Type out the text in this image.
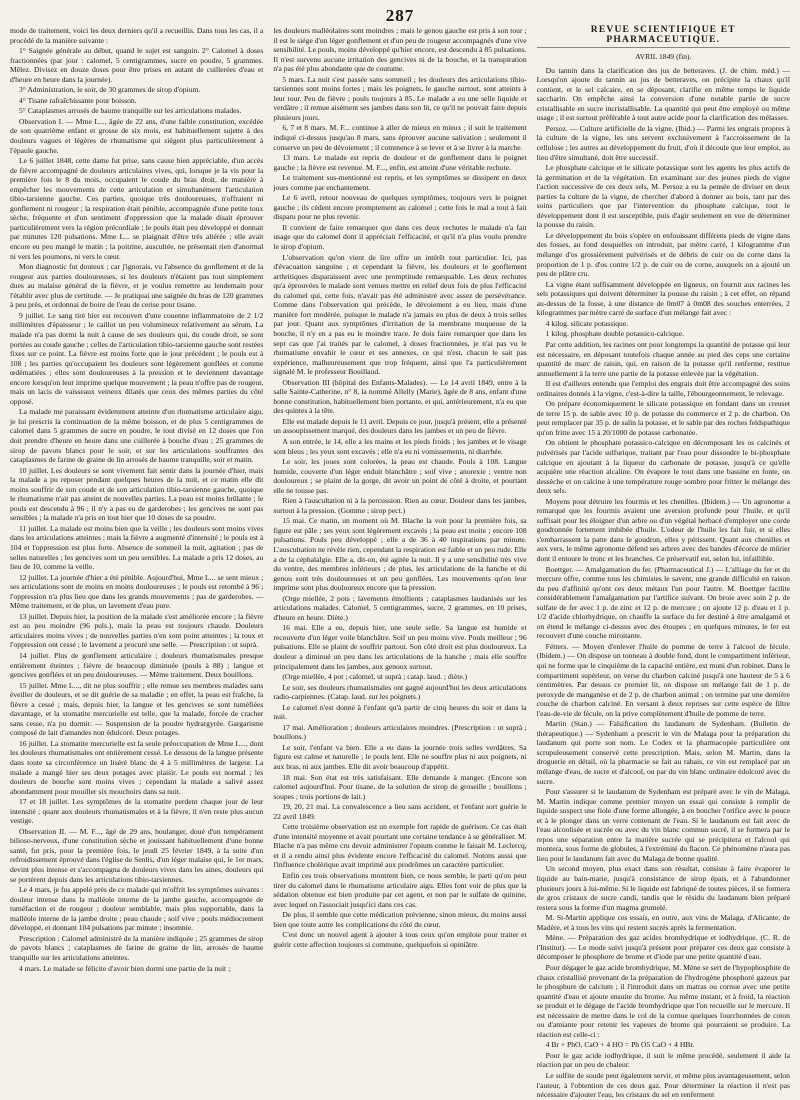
287

mode de traitement, voici les deux derniers qu'il a recueillis. Dans tous les cas, il a procédé de la manière suivante :

1° Saignée générale au début, quand le sujet est sanguin. 2° Calomel à doses fractionnées (par jour : calomel, 5 centigrammes, sucre en poudre, 5 grammes. Mêlez. Divisez en douze doses pour être prises en autant de cuillerées d'eau et d'heure en heure dans la journée).

3° Administration, le soir, de 30 grammes de sirop d'opium.

4° Tisane rafraîchissante pour boisson.

5° Cataplasmes arrosés de baume tranquille sur les articulations malades.

Observation I. — Mme L..., âgée de 22 ans, d'une faible constitution, excédée de son quatrième enfant et grosse de six mois, est habituellement sujette à des douleurs vagues et légères de rhumatisme qui siégent plus particulièrement à l'épaule gauche.

Le 6 juillet 1848, cette dame fut prise, sans cause bien appréciable, d'un accès de fièvre accompagné de douleurs articulaires vives, qui, lorsque je la vis pour la première fois le 8 du mois, occupaient le coude du bras droit, de manière à empêcher les mouvements de cette articulation et simultanément l'articulation tibio-tarsienne gauche. Ces parties, quoique très douloureuses, n'offraient ni gonflement ni rougeur ; la respiration était pénible, accompagnée d'une petite toux sèche, fréquente et d'un sentiment d'oppression que la malade disait éprouver particulièrement vers la région précordiale ; le pouls était peu développé et donnait par minutes 120 pulsations. Mme L... se plaignait d'être très altérée ; elle avait encore eu peu mangé le matin ; la poitrine, auscultée, ne présentait rien d'anormal ni vers les poumons, ni vers le cœur.

Mon diagnostic fut douteux ; car j'ignorais, vu l'absence du gonflement et de la rougeur aux parties douloureuses, si les douleurs n'étaient pas tout simplement dues au malaise général de la fièvre, et je voulus remettre au lendemain pour l'établir avec plus de certitude. — Je pratiquai une saignée du bras de 120 grammes à peu près, et ordonnai de boire de l'eau de cerise pour tisane.

9 juillet. Le sang tiré hier est recouvert d'une couenne inflammatoire de 2 1/2 millimètres d'épaisseur ; le caillot un peu volumineux relativement au sérum. La malade n'a pas dormi la nuit à cause de ses douleurs qui, du coude droit, se sont portées au coude gauche ; celles de l'articulation tibio-tarsienne gauche sont restées fixes sur ce point. La fièvre est moins forte que le jour précédent ; le pouls est à 108 ; les parties qu'occupaient les douleurs sont légèrement gonflées et comme œdématiées ; elles sont douloureuses à la pression et le deviennent davantage encore lorsqu'on leur imprime quelque mouvement ; la peau n'offre pas de rougeur, mais un lacis de vaisseaux veineux dilatés que ceux des mêmes parties du côté opposé.

La malade me paraissant évidemment atteinte d'un rhumatisme articulaire aigu, je lui prescris la continuation de la même boisson, et de plus 5 centigrammes de calomel dans 5 grammes de sucre en poudre, le tout divisé en 12 doses que l'on doit prendre d'heure en heure dans une cuillerée à bouche d'eau ; 25 grammes de sirop de pavots blancs pour le soir, et sur les articulations souffrantes des cataplasmes de farine de graine de lin arrosés de baume tranquille, soir et matin.

10 juillet. Les douleurs se sont vivement fait sentir dans la journée d'hier, mais la malade a pu reposer pendant quelques heures de la nuit, et ce matin elle dit moins souffrir de son coude et de son articulation tibio-tarsienne gauche, quoique le rhumatisme n'ait pas atteint de nouvelles parties. La peau est moins brûlante ; le pouls est descendu à 96 ; il n'y a pas eu de garderobes ; les gencives ne sont pas sensibles ; la malade n'a pris en tout hier que 10 doses de sa poudre.

11 juillet. La malade est moins bien que la veille ; les douleurs sont moins vives dans les articulations atteintes ; mais la fièvre a augmenté d'intensité ; le pouls est à 104 et l'oppression est plus forte. Absence de sommeil la nuit, agitation ; pas de selles naturelles ; les gencives sont un peu sensibles. La malade a pris 12 doses, au lieu de 10, comme la veille.

12 juillet. La journée d'hier a été pénible. Aujourd'hui, Mme L... se sent mieux ; ses articulations sont de moins en moins douloureuses ; le pouls est retombé à 96 ; l'oppression n'a plus lieu que dans les grands mouvements ; pas de garderobes. — Même traitement, et de plus, un lavement d'eau pure.

13 juillet. Depuis hier, la position de la malade s'est améliorée encore ; la fièvre est au peu moindre (96 puls.), mais la peau est toujours chaude. Douleurs articulaires moins vives ; de nouvelles parties n'en sont point atteintes ; la toux et l'oppression ont cessé ; le lavement a procuré une selle. — Prescription : ut suprà.

14 juillet. Plus de gonflement articulaire ; douleurs rhumatismales presque entièrement éteintes ; fièvre de beaucoup diminuée (pouls à 88) ; langue et gencives gonflées et un peu douloureuses. — Même traitement. Deux bouillons.

15 juillet. Mme L..., dit ne plus souffrir ; elle remue ses membres malades sans éveiller de douleurs, et se dit guérie de sa maladie ; en effet, la peau est fraîche, la fièvre a cessé ; mais, depuis hier, la langue et les gencives se sont tuméfiées davantage, et la stomatite mercurielle est telle, que la malade, forcée de cracher sans cesse, n'a pu dormir. — Suspension de la poudre hydrargyrée. Gargarisme composé de lait d'amandes non édulcoré. Deux potages.

16 juillet. La stomatite mercurielle est la seule préoccupation de Mme L..., dont les douleurs rhumatismales ont entièrement cessé. Le dessous de la langue présente dans toute sa circonférence un liséré blanc de 4 à 5 millimètres de largeur. La malade a mangé hier ses deux potages avec plaisir. Le pouls est normal ; les douleurs de bouche sont moins vives ; cependant la malade a salivé assez abondamment pour mouiller six mouchoirs dans sa nuit.

17 et 18 juillet. Les symptômes de la stomatite perdent chaque jour de leur intensité ; quant aux douleurs rhumatismales et à la fièvre, il n'en reste plus aucun vestige.

Observation II. — M. F..., âgé de 29 ans, boulanger, doué d'un tempérament bilioso-nerveux, d'une constitution sèche et jouissant habituellement d'une bonne santé, fut pris, pour la première fois, le jeudi 25 février 1849, à la suite d'un refroidissement éprouvé dans l'église de Senlis, d'un léger malaise qui, le 1er mars, devint plus intense et s'accompagna de douleurs vives dans les aines, douleurs qui se portèrent depuis dans les articulations tibio-tarsiennes.

Le 4 mars, je fus appelé près de ce malade qui m'offrit les symptômes suivants : douleur intense dans la malléole interne de la jambe gauche, accompagnée de tuméfaction et de rougeur ; douleur semblable, mais plus supportable, dans la malléole interne de la jambe droite ; peau chaude ; soif vive ; pouls médiocrement développé, et donnant 104 pulsations par minute ; insomnie.

Prescription : Calomel administré de la manière indiquée ; 25 grammes de sirop de pavots blancs ; cataplasmes de farine de graine de lin, arrosés de baume tranquille sur les articulations atteintes.

4 mars. Le malade se félicite d'avoir bien dormi une partie de la nuit ;

les douleurs malléolaires sont moindres ; mais le genou gauche est pris à son tour ; il est le siége d'un léger gonflement et d'un peu de rougeur accompagnés d'une vive sensibilité. Le pouls, moins développé qu'hier encore, est descendu à 85 pulsations. Il n'est survenu aucune irritation des gencives ni de la bouche, et la transpiration n'a pas été plus abondante que de coutume.

5 mars. La nuit s'est passée sans sommeil ; les douleurs des articulations tibio-tarsiennes sont moins fortes ; mais les poignets, le gauche surtout, sont atteints à leur tour. Peu de fièvre ; pouls toujours à 85. Le malade a eu une selle liquide et verdâtre ; il remue aisément ses jambes dans son lit, ce qu'il ne pouvait faire depuis plusieurs jours.

6, 7 et 8 mars. M. F... continue à aller de mieux en mieux ; il suit le traitement indiqué ci-dessus jusqu'au 8 mars, sans éprouver aucune salivation ; seulement il conserve un peu de dévoiement ; il commence à se lever et à se livrer à la marche.

13 mars. Le malade est repris de douleur et de gonflement dans le poignet gauche ; la fièvre est revenue. M. F..., enfin, est atteint d'une véritable rechute.

Le traitement sus-mentionné est repris, et les symptômes se dissipent en deux jours comme par enchantement.

Le 6 avril, retour nouveau de quelques symptômes, toujours vers le poignet gauche ; ils cèdent encore promptement au calomel ; cette fois le mal a tout à fait disparu pour ne plus revenir.

Il convient de faire remarquer que dans ces deux rechutes le malade n'a fait usage que du calomel dont il appréciait l'efficacité, et qu'il n'a plus voulu prendre le sirop d'opium.

L'observation qu'on vient de lire offre un intérêt tout particulier. Ici, pas d'évacuation sanguine ; et cependant la fièvre, les douleurs et le gonflement arthritiques disparaissent avec une promptitude remarquable. Les deux rechutes qu'a éprouvées le malade sont venues mettre en relief deux fois de plus l'efficacité du calomel qui, cette fois, n'avait pas été administré avec assez de persévérance. Comme dans l'observation qui précède, le dévoiement a eu lieu, mais d'une manière fort modérée, puisque le malade n'a jamais eu plus de deux à trois selles par jour. Quant aux symptômes d'irritation de la membrane muqueuse de la bouche, il n'y en a pas eu le moindre trace. Je dois faire remarquer que dans les sept cas que j'ai traités par le calomel, à doses fractionnées, je n'ai pas vu le rhumatisme envahir le cœur et ses annexes, ce qui n'est, chacun le sait pas expérience, malheureusement que trop fréquent, ainsi que l'a particulièrement signalé M. le professeur Bouillaud.

Observation III (hôpital des Enfants-Malades). — Le 14 avril 1849, entre à la salle Sainte-Catherine, n° 8, la nommé Allelly (Marie), âgée de 8 ans, enfant d'une bonne constitution, habituellement bien portante, et qui, antérieurement, n'a eu que des quintes à la tête.

Elle est malade depuis le 11 avril. Depuis ce jour, jusqu'à présent, elle a présenté un assoupissement marqué, des douleurs dans les jambes et un peu de fièvre.

A son entrée, le 14, elle a les mains et les pieds froids ; les jambes et le visage sont bleus ; les yeux sont excavés ; elle n'a eu ni vomissements, ni diarrhée.

Le soir, les joues sont colorées, la peau est chaude. Pouls à 108. Langue humide, couverte d'un léger enduit blanchâtre ; soif vive ; anorexie ; ventre non douloureux ; se plaint de la gorge, dit avoir un point de côté à droite, et pourtant elle ne tousse pas.

Rien à l'auscultation ni à la percussion. Rien au cœur. Douleur dans les jambes, surtout à la pression. (Gomme ; sirop pect.)

15 mai. Ce matin, un moment où M. Blache la voit pour la première fois, sa figure est pâle ; ses yeux sont légèrement excavés ; la peau est moite ; encore 108 pulsations. Pouls peu développé ; elle a de 36 à 40 inspirations par minute. L'auscultation ne révèle rien, cependant la respiration est faible et un peu rude. Elle a de la céphalalgie. Elle a, dit-on, été agitée la nuit. Il y a une sensibilité très vive du ventre, des membres inférieurs ; de plus, les articulations de la hanche et du genou sont très douloureuses et un peu gonflées. Les mouvements qu'on leur imprime sont plus douloureux encore que la pression.

(Orge miellée, 2 pots ; lavements émollients ; cataplasmes laudanisés sur les articulations malades. Calomel, 5 centigrammes, sucre, 2 grammes, en 10 prises, d'heure en heure. Diète.)

16 mai. Elle a eu, depuis hier, une seule selle. Sa langue est humide et recouverte d'un léger voile blanchâtre. Soif un peu moins vive. Pouls meilleur ; 96 pulsations. Elle se plaint de souffrir partout. Son côté droit est plus douloureux. La douleur a diminué un peu dans les articulations de la hanche ; mais elle souffre principalement dans les jambes, aux genoux surtout.

(Orge miellée, 4 pot ; calomel, ut suprà ; catap. laud. ; diète.)

Le soir, ses douleurs rhumatismales ont gagné aujourd'hui les deux articulations radio-carpiennes. (Catap. laud. sur les poignets.)

Le calomel n'est donné à l'enfant qu'à partir de cinq heures du soir et dans la nuit.

17 mai. Amélioration ; douleurs articulaires moindres. (Prescription : ut suprà ; bouillons.)

Le soir, l'enfant va bien. Elle a eu dans la journée trois selles verdâtres. Sa figure est calme et naturelle ; le pouls lent. Elle ne souffre plus ni aux poignets, ni aux bras, ni aux jambes. Elle dit avoir beaucoup d'appétit.

18 mai. Son état est très satisfaisant. Elle demande à manger. (Encore son calomel aujourd'hui. Pour tisane, de la solution de sirop de groseille ; bouillons ; soupes ; trois portions de lait.)

19, 20, 21 mai. La convalescence a lieu sans accident, et l'enfant sort guérie le 22 avril 1849.

Cette troisième observation est un exemple fort rapide de guérison. Ce cas était d'une intensité moyenne et avait pourtant une certaine tendance à se généraliser. M. Blache n'a pas même cru devoir administrer l'opium comme le faisait M. Leclercq, et il a rendu ainsi plus évidente encore l'efficacité du calomel. Notons aussi que l'influence cholérique avait imprimé aux prodrômes un caractère particulier.

Enfin ces trois observations montrent bien, ce nous semble, le parti qu'on peut tirer du calomel dans le rhumatisme articulaire aigu. Elles font voir de plus que la sédation obtenue est bien produite par cet agent, et non par le sulfate de quinine, avec lequel on l'associait jusqu'ici dans ces cas.

De plus, il semble que cette médication prévienne, sinon mieux, du moins aussi bien que toute autre les complications du côté du cœur.

C'est donc un nouvel agent à ajouter à tous ceux qu'on emploie pour traiter et guérir cette affection toujours si commune, quelquefois si opiniâtre.

REVUE SCIENTIFIQUE ET PHARMACEUTIQUE.
AVRIL 1849 (fin).

Du tannin dans la clarification des jus de betteraves. (J. de chim. méd.) — Lorsqu'on ajoute du tannin au jus de betteraves, on précipite la chaux qu'il contient, et le sel calcaire, en se déposant, clarifie en même temps le liquide saccharin. On empêche ainsi la conversion d'une notable partie de sucre cristallisable en sucre incristallisable. La quantité qui peut être employé ou même usage ; il est surtout préférable à tout autre acide pour la clarification des mélasses.

Persoz. — Culture artificielle de la vigne. (Ibid.) — Parmi les engrais propres à la culture de la vigne, les uns servent exclusivement à l'accroissement de la cellulose ; les autres au développement du fruit, d'où il découle que leur emploi, au lieu d'être simultané, doit être successif.

Le phosphate calcique et le silicate potassique sont les agents les plus actifs de la germination et de la végétation. En examinant sur des jeunes pieds de vigne l'action successive de ces deux sels, M. Persoz a eu la pensée de diviser en deux parties la culture de la vigne, de chercher d'abord à donner au bois, tant par des soins particuliers que par l'intervention du phosphate calcique, tout le développement dont il est susceptible, puis d'agir seulement en vue de déterminer la pousse du raisin.

Le développement du bois s'opère en enfouissant différens pieds de vigne dans des fosses, au fond desquelles on introduit, par mètre carré, 1 kilogramme d'un mélange d'os grossièrement pulvérisés et de débris de cuir ou de corne dans la proportion de 1 p. d'os contre 1/2 p. de cuir ou de corne, auxquels on a ajouté un peu de plâtre cru.

La vigne étant suffisamment développée en ligneux, on fournit aux racines les sels potassiques qui doivent déterminer la pousse du raisin ; à cet effet, on répand au-dessus de la fosse, à une distance de 0m07 à 0m08 des souches enterrées, 2 kilogrammes par mètre carré de surface d'un mélange fait avec :

4 kilog. silicate potassique.

1 kilog. phosphate double potassico-calcique.

Par cette addition, les racines ont pour longtemps la quantité de potasse qui leur est nécessaire, en déposant toutefois chaque année au pied des ceps une certaine quantité de marc de raisin, qui, en raison de la potasse qu'il renferme, restitue annuellement à la terre une partie de la potasse enlevée par la végétation.

Il est d'ailleurs entendu que l'emploi des engrais doit être accompagné des soins ordinaires donnés à la vigne, c'est-à-dire la taille, l'ébourgeonnement, le relevage.

On prépare économiquement le silicate potassique en fondant dans un creuset de terre 15 p. de sable avec 10 p. de potasse du commerce et 2 p. de charbon. On peut remplacer par 35 p. de salin la potasse, et le sable par des roches feldspathique qu'on fritte avec 15 à 20/1000 de potasse carbonatée.

On obtient le phosphate potassico-calcique en décomposant les os calcinés et pulvérisés par l'acide sulfurique, traitant par l'eau pour dissoudre le bi-phosphate calcique en ajoutant à la liqueur du carbonate de potasse, jusqu'à ce qu'elle acquière une réaction alcaline. On évapore le tout dans une bassine en fonte, on dessèche et on calcine à une température rouge sombre pour fritter le mélange des deux sels.

Moyens pour détruire les fourmis et les chenilles. (Ibidem.) — Un agronome a remarqué que les fourmis avaient une aversion profonde pour l'huile, et qu'il suffisait pour les éloigner d'un arbre ou d'un végétal herbacé d'employer une corde goudronnée fortement imbibée d'huile. L'odeur de l'huile les fait fuir, et si elles s'embarrassent la patte dans le goudron, elles y périssent. Quant aux chenilles et aux vers, le même agronome défend ses arbres avec des bandes d'écorce de mûrier dont il entoure le tronc et les branches. Ce préservatif est, selon lui, infaillible.

Boettger. — Amalgamation du fer. (Pharmaceutical J.) — L'alliage du fer et du mercure offre, comme tous les chimistes le savent, une grande difficulté en raison du peu d'affinité qu'ont ces deux métaux l'un pour l'autre. M. Boettger facilite considérablement l'amalgamation par l'artifice suivant. On broie avec soin 2 p. de sulfate de fer avec 1 p. de zinc et 12 p. de mercure ; on ajoute 12 p. d'eau et 1 p. 1/2 d'acide chlorhydrique, on chauffe la surface du fer destiné à être amalgamé et on étend le mélange ci-dessus avec des étoupes ; en quelques minutes, le fer est recouvert d'une couche miroitante.

Fétters. — Moyen d'enlever l'huile de pomme de terre à l'alcool de fécule. (Ibidem.) — On dispose un tonneau à double fond, dont le compartiment inférieur, qui ne forme que le cinquième de la capacité entière, est muni d'un robinet. Dans le compartiment supérieur, on verse du charbon calciné jusqu'à une hauteur de 5 à 6 centimètres. Par dessus ce premier lit, on dispose un mélange fait de 1 p. de peroxyde de manganèse et de 2 p. de charbon animal ; on termine par une dernière couche de charbon calciné. En versant à deux reprises sur cette espèce de filtre l'eau-de-vie de fécule, on la prive complètement d'huile de pomme de terre.

Martin (Stan.) — Falsification du laudanum de Sydenham. (Bulletin de thérapeutique.) — Sydenham a prescrit le vin de Malaga pour la préparation du laudanum qui porte son nom. Le Codex et la pharmacopée particulière ont scrupuleusement conservé cette prescription. Mais, selon M. Martin, dans la droguerie en détail, où la pharmacie se fait au rabais, ce vin est remplacé par un mélange d'eau, de sucre et d'alcool, ou par du vin blanc ordinaire édulcoré avec du sucre.

Pour s'assurer si le laudanum de Sydenham est préparé avec le vin de Malaga, M. Martin indique comme premier moyen un essai qui consiste à remplir de liquide suspect une fiole d'une forme allongée, à en boucher l'orifice avec le pouce et à le plonger dans un verre contenant de l'eau. Si le laudanum est fait avec de l'eau alcoolisée et sucrée ou avec du vin blanc commun sucré, il se formera par le repos une séparation entre la matière sucrée qui se précipitera et l'alcool qui montera, sous forme de globules, à l'extrémité du flacon. Ce phénomène n'aura pas lieu pour le laudanum fait avec du Malaga de bonne qualité.

Un second moyen, plus exact dans son résultat, consiste à faire évaporer le liquide au bain-marie, jusqu'à consistance de sirop épais, et à l'abandonner plusieurs jours à lui-même. Si le liquide est fabriqué de toutes pièces, il se formera de gros cristaux de sucre candi, tandis que le résidu du laudanum bien préparé restera sous la forme d'un magma grumelé.

M. St-Martin applique ces essais, en outre, aux vins de Malaga, d'Alicante, de Madère, et à tous les vins qui restent sucrés après la fermentation.

Mène. — Préparation des gaz acides bromhydrique et iodhydrique. (C. R. de l'Institut). — Le mode suivi jusqu'à présent pour préparer ces deux gaz consiste à décomposer le phosphore de brome et d'iode par une petite quantité d'eau.

Pour dégager le gaz acide bromhydrique, M. Mène se sert de l'hypophosphite de chaux cristallisé provenant de la préparation de l'hydrogène phosphoré gazeux par le phosphure de calcium ; il l'introduit dans un matras ou cornue avec une petite quantité d'eau et ajoute ensuite du brome. Au même instant, et à froid, la réaction se produit et le dégage de l'acide bromhydrique que l'on recueille sur le mercure. Il est nécessaire de mettre dans le col de la cornue quelques fourchonnées de coton ou d'amiante pour retenir les vapeurs de brome qui pourraient se produire. La réaction est celle-ci :

4 Br + PhO, CaO + 4 HO = Ph O5 CaO + 4 HBr.

Pour le gaz acide iodhydrique, il suit le même procédé, seulement il aide la réaction par un peu de chaleur.

Le sulfite de soude peut également servir, et même plus avantageusement, selon l'auteur, à l'obtention de ces deux gaz. Pour déterminer la réaction il n'est pas nécessaire d'ajouter l'eau, les cristaux du sel en renferment
